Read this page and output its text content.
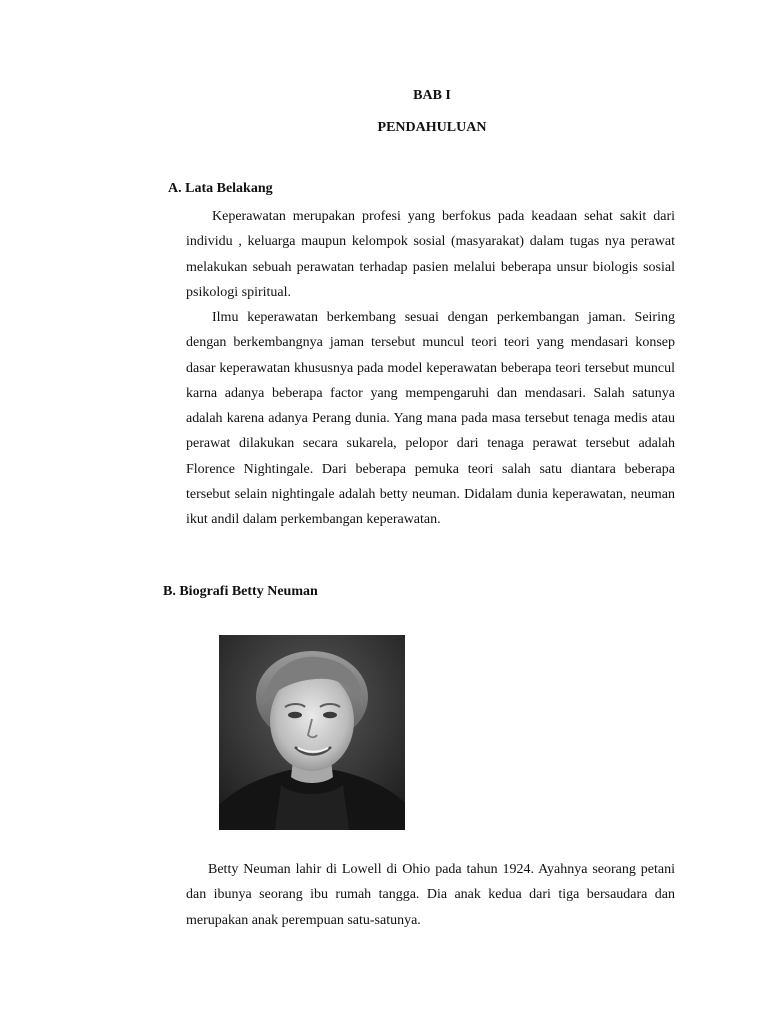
BAB I
PENDAHULUAN
A. Lata Belakang

Keperawatan merupakan profesi yang berfokus pada keadaan sehat sakit dari individu , keluarga maupun kelompok sosial (masyarakat) dalam tugas nya perawat melakukan sebuah perawatan terhadap pasien melalui beberapa unsur biologis sosial psikologi spiritual.

Ilmu keperawatan berkembang sesuai dengan perkembangan jaman. Seiring dengan berkembangnya jaman tersebut muncul teori teori yang mendasari konsep dasar keperawatan khususnya pada model keperawatan beberapa teori tersebut muncul karna adanya beberapa factor yang mempengaruhi dan mendasari. Salah satunya adalah karena adanya Perang dunia. Yang mana pada masa tersebut tenaga medis atau perawat dilakukan secara sukarela, pelopor dari tenaga perawat tersebut adalah Florence Nightingale. Dari beberapa pemuka teori salah satu diantara beberapa tersebut selain nightingale adalah betty neuman. Didalam dunia keperawatan, neuman ikut andil dalam perkembangan keperawatan.

B. Biografi Betty Neuman

Betty Neuman lahir di Lowell di Ohio pada tahun 1924. Ayahnya seorang petani dan ibunya seorang ibu rumah tangga. Dia anak kedua dari tiga bersaudara dan merupakan anak perempuan satu-satunya.
